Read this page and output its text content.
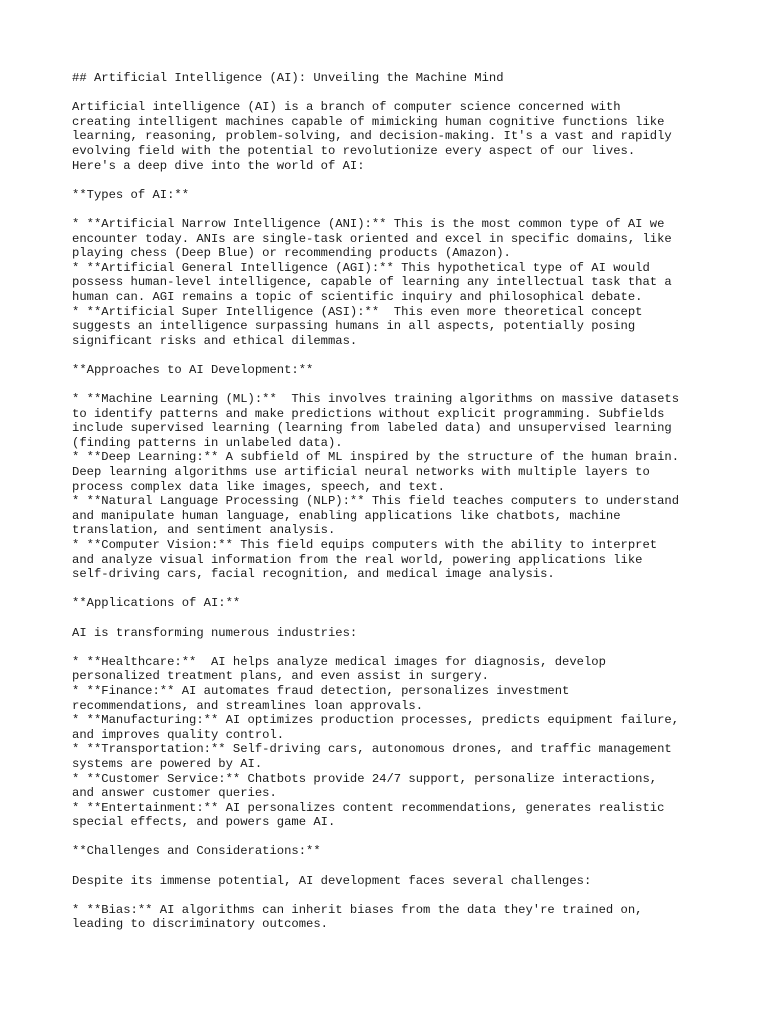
## Artificial Intelligence (AI): Unveiling the Machine Mind

Artificial intelligence (AI) is a branch of computer science concerned with
creating intelligent machines capable of mimicking human cognitive functions like
learning, reasoning, problem-solving, and decision-making. It's a vast and rapidly
evolving field with the potential to revolutionize every aspect of our lives.
Here's a deep dive into the world of AI:

**Types of AI:**

* **Artificial Narrow Intelligence (ANI):** This is the most common type of AI we
encounter today. ANIs are single-task oriented and excel in specific domains, like
playing chess (Deep Blue) or recommending products (Amazon).
* **Artificial General Intelligence (AGI):** This hypothetical type of AI would
possess human-level intelligence, capable of learning any intellectual task that a
human can. AGI remains a topic of scientific inquiry and philosophical debate.
* **Artificial Super Intelligence (ASI):**  This even more theoretical concept
suggests an intelligence surpassing humans in all aspects, potentially posing
significant risks and ethical dilemmas.

**Approaches to AI Development:**

* **Machine Learning (ML):**  This involves training algorithms on massive datasets
to identify patterns and make predictions without explicit programming. Subfields
include supervised learning (learning from labeled data) and unsupervised learning
(finding patterns in unlabeled data).
* **Deep Learning:** A subfield of ML inspired by the structure of the human brain.
Deep learning algorithms use artificial neural networks with multiple layers to
process complex data like images, speech, and text.
* **Natural Language Processing (NLP):** This field teaches computers to understand
and manipulate human language, enabling applications like chatbots, machine
translation, and sentiment analysis.
* **Computer Vision:** This field equips computers with the ability to interpret
and analyze visual information from the real world, powering applications like
self-driving cars, facial recognition, and medical image analysis.

**Applications of AI:**

AI is transforming numerous industries:

* **Healthcare:**  AI helps analyze medical images for diagnosis, develop
personalized treatment plans, and even assist in surgery.
* **Finance:** AI automates fraud detection, personalizes investment
recommendations, and streamlines loan approvals.
* **Manufacturing:** AI optimizes production processes, predicts equipment failure,
and improves quality control.
* **Transportation:** Self-driving cars, autonomous drones, and traffic management
systems are powered by AI.
* **Customer Service:** Chatbots provide 24/7 support, personalize interactions,
and answer customer queries.
* **Entertainment:** AI personalizes content recommendations, generates realistic
special effects, and powers game AI.

**Challenges and Considerations:**

Despite its immense potential, AI development faces several challenges:

* **Bias:** AI algorithms can inherit biases from the data they're trained on,
leading to discriminatory outcomes.
